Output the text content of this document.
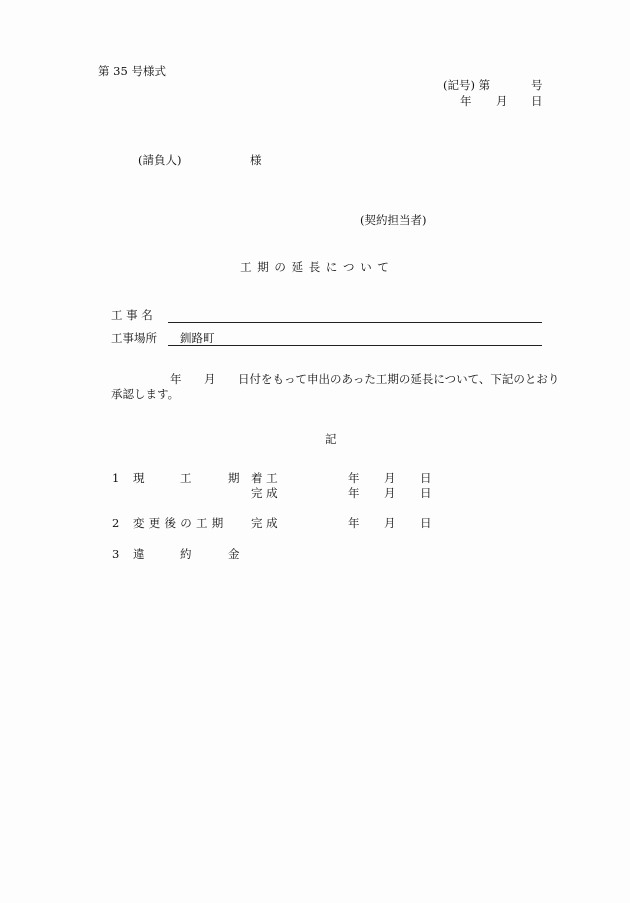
第 35 号様式
(記号) 第	号
年 月 日
(請負人)	様
(契約担当者)
工 期 の 延 長 に つ い て
工 事 名
工事場所 釧路町
年 月 日付をもって申出のあった工期の延長について、下記のとおり
承認します。
記
1 現	工	期 着 工	年 月 日
完 成	年 月 日
2 変 更 後 の 工 期 完 成	年 月 日
3 違	約	金
